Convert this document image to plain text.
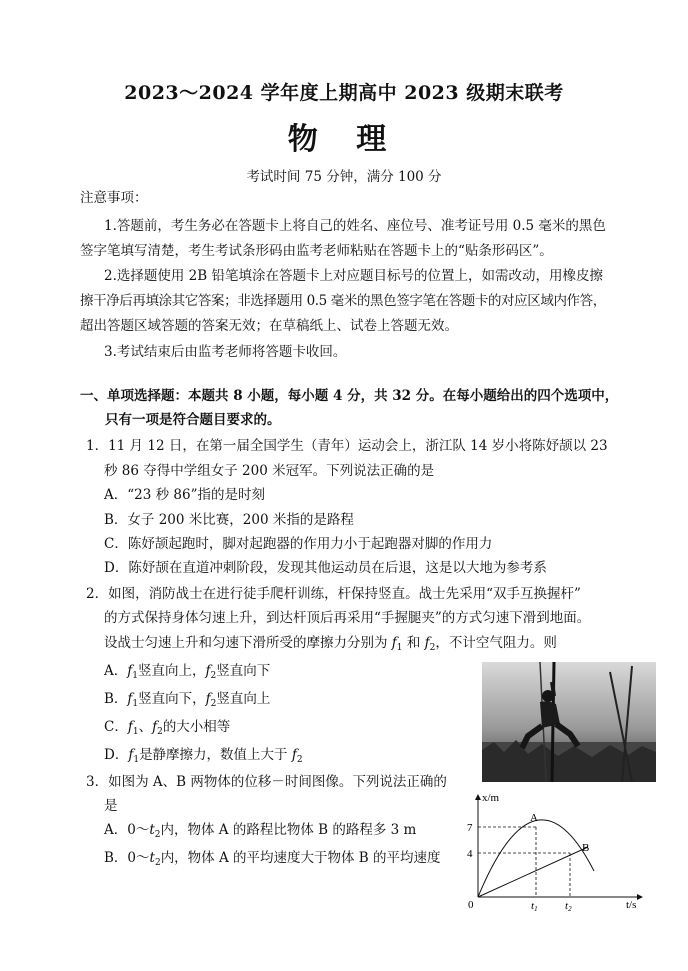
2023～2024 学年度上期高中 2023 级期末联考
物 理
考试时间 75 分钟，满分 100 分
注意事项：
1.答题前，考生务必在答题卡上将自己的姓名、座位号、准考证号用 0.5 毫米的黑色
签字笔填写清楚，考生考试条形码由监考老师粘贴在答题卡上的“贴条形码区”。
2.选择题使用 2B 铅笔填涂在答题卡上对应题目标号的位置上，如需改动，用橡皮擦
擦干净后再填涂其它答案；非选择题用 0.5 毫米的黑色签字笔在答题卡的对应区域内作答，
超出答题区域答题的答案无效；在草稿纸上、试卷上答题无效。
3.考试结束后由监考老师将答题卡收回。
一、单项选择题：本题共 8 小题，每小题 4 分，共 32 分。在每小题给出的四个选项中，
只有一项是符合题目要求的。
1．11 月 12 日，在第一届全国学生（青年）运动会上，浙江队 14 岁小将陈妤颉以 23
秒 86 夺得中学组女子 200 米冠军。下列说法正确的是
A．“23 秒 86”指的是时刻
B．女子 200 米比赛，200 米指的是路程
C．陈妤颉起跑时，脚对起跑器的作用力小于起跑器对脚的作用力
D．陈妤颉在直道冲刺阶段，发现其他运动员在后退，这是以大地为参考系
2．如图，消防战士在进行徒手爬杆训练，杆保持竖直。战士先采用“双手互换握杆”
的方式保持身体匀速上升，到达杆顶后再采用“手握腿夹”的方式匀速下滑到地面。
设战士匀速上升和匀速下滑所受的摩擦力分别为 $f_1$ 和 $f_2$，不计空气阻力。则
A．$f_1$竖直向上，$f_2$竖直向下
B．$f_1$竖直向下，$f_2$竖直向上
C．$f_1$、$f_2$的大小相等
D．$f_1$是静摩擦力，数值上大于 $f_2$
3．如图为 A、B 两物体的位移－时间图像。下列说法正确的
是
A．$0\sim t_2$内，物体 A 的路程比物体 B 的路程多 3 m
B．$0\sim t_2$内，物体 A 的平均速度大于物体 B 的平均速度
x/m
t/s
0
7
4
A
B
t1 t2
